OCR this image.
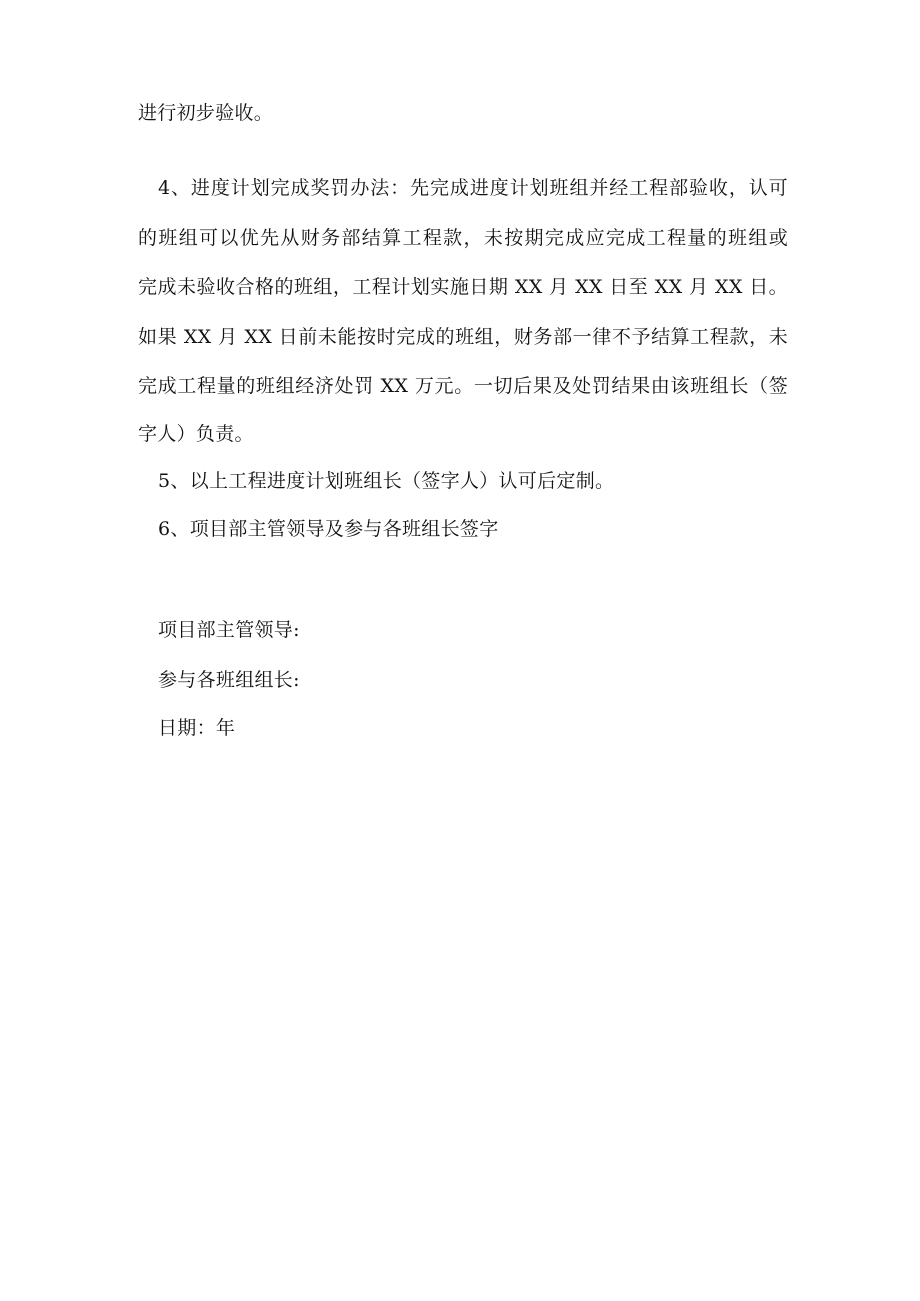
进行初步验收。
4、进度计划完成奖罚办法：先完成进度计划班组并经工程部验收，认可
的班组可以优先从财务部结算工程款，未按期完成应完成工程量的班组或
完成未验收合格的班组，工程计划实施日期 XX 月 XX 日至 XX 月 XX 日。
如果 XX 月 XX 日前未能按时完成的班组，财务部一律不予结算工程款，未
完成工程量的班组经济处罚 XX 万元。一切后果及处罚结果由该班组长（签
字人）负责。
5、以上工程进度计划班组长（签字人）认可后定制。
6、项目部主管领导及参与各班组长签字
项目部主管领导:
参与各班组组长:
日期：年
